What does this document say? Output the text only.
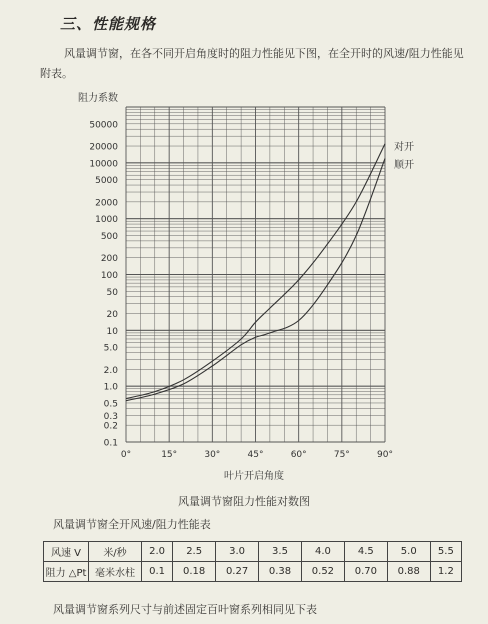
三、性能规格
风量调节窗，在各不同开启角度时的阻力性能见下图，在全开时的风速/阻力性能见附表。
阻力系数
叶片开启角度
0.1
0.2
0.3
0.5
1.0
2.0
5.0
10
20
50
100
200
500
1000
2000
5000
10000
20000
50000
0°	15°	30°	45°	60°	75°	90°
对开
顺开
风量调节窗阻力性能对数图
风量调节窗全开风速/阻力性能表
风速 V	米/秒	2.0	2.5	3.0	3.5	4.0	4.5	5.0	5.5
阻力 △Pt	毫米水柱	0.1	0.18	0.27	0.38	0.52	0.70	0.88	1.2
风量调节窗系列尺寸与前述固定百叶窗系列相同见下表
